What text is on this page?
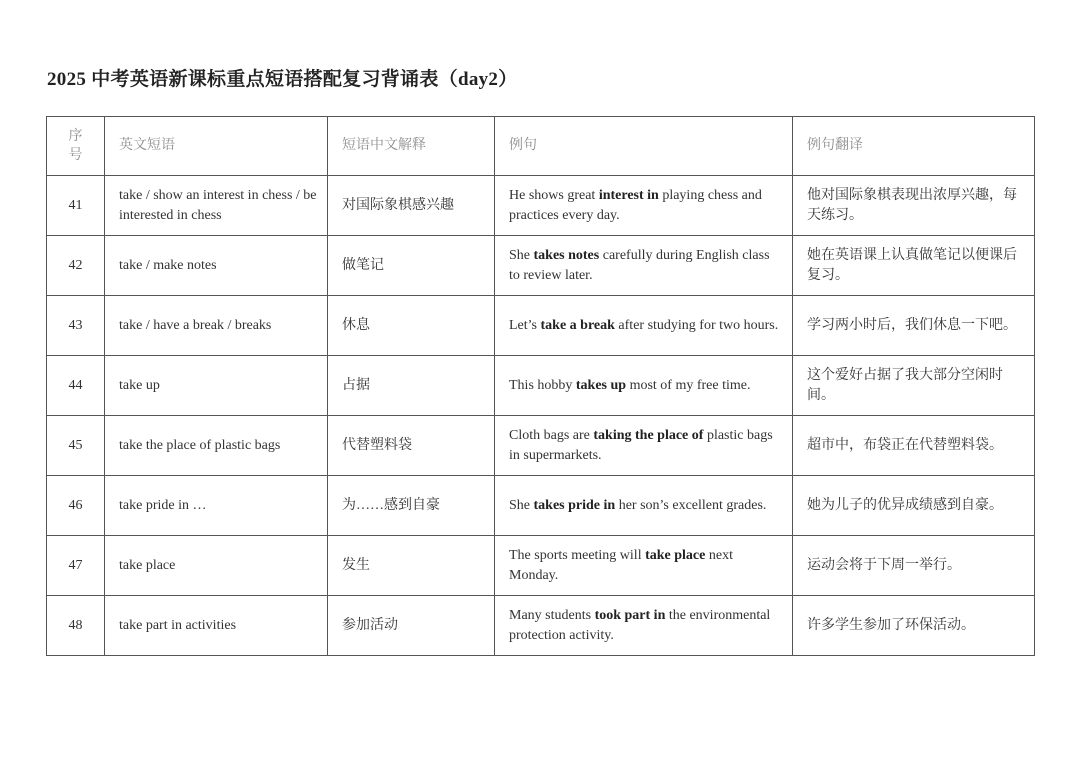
2025 中考英语新课标重点短语搭配复习背诵表（day2）
序号	英文短语	短语中文解释	例句	例句翻译
41	take / show an interest in chess / be interested in chess	对国际象棋感兴趣	He shows great interest in playing chess and practices every day.	他对国际象棋表现出浓厚兴趣，每天练习。
42	take / make notes	做笔记	She takes notes carefully during English class to review later.	她在英语课上认真做笔记以便课后复习。
43	take / have a break / breaks	休息	Let’s take a break after studying for two hours.	学习两小时后，我们休息一下吧。
44	take up	占据	This hobby takes up most of my free time.	这个爱好占据了我大部分空闲时间。
45	take the place of plastic bags	代替塑料袋	Cloth bags are taking the place of plastic bags in supermarkets.	超市中，布袋正在代替塑料袋。
46	take pride in …	为……感到自豪	She takes pride in her son’s excellent grades.	她为儿子的优异成绩感到自豪。
47	take place	发生	The sports meeting will take place next Monday.	运动会将于下周一举行。
48	take part in activities	参加活动	Many students took part in the environmental protection activity.	许多学生参加了环保活动。
